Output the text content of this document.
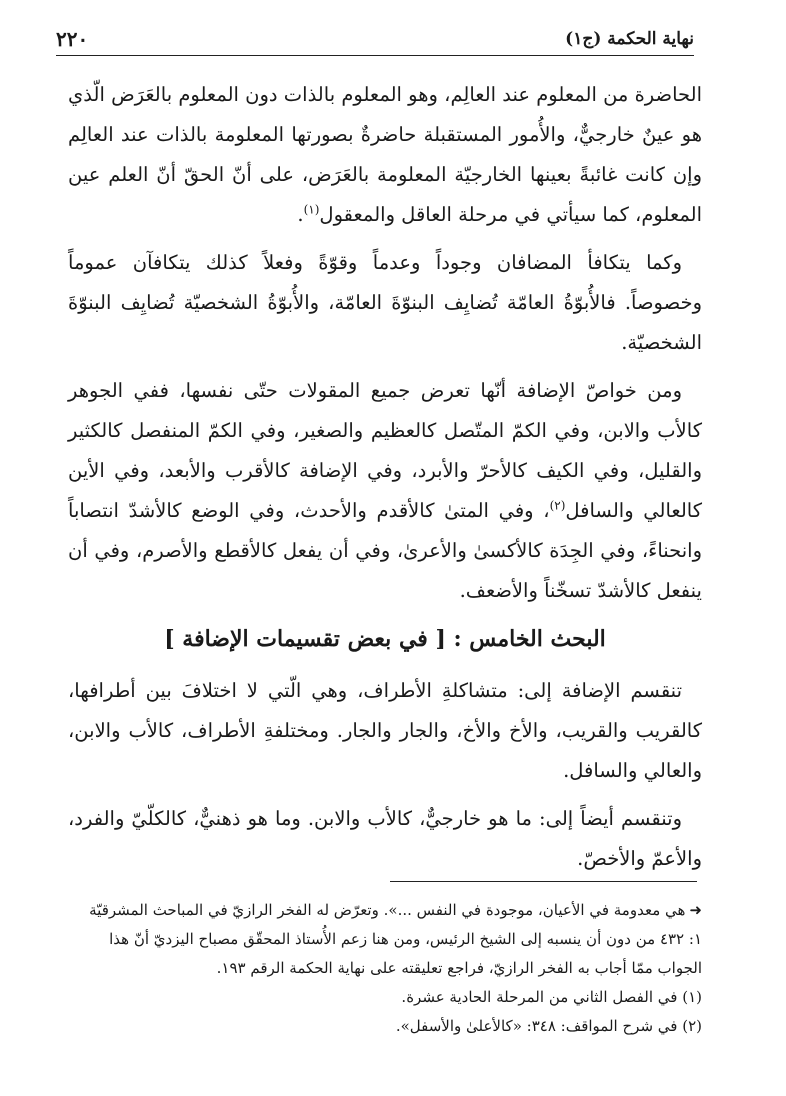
٢٢٠	نهاية الحكمة (ج١)

الحاضرة من المعلوم عند العالِم، وهو المعلوم بالذات دون المعلوم بالعَرَض الّذي هو عينٌ خارجيٌّ، والأُمور المستقبلة حاضرةٌ بصورتها المعلومة بالذات عند العالِم وإن كانت غائبةً بعينها الخارجيّة المعلومة بالعَرَض، على أنّ الحقّ أنّ العلم عين المعلوم، كما سيأتي في مرحلة العاقل والمعقول$^{(١)}$.

وكما يتكافأ المضافان وجوداً وعدماً وقوّةً وفعلاً كذلك يتكافآن عموماً وخصوصاً. فالأُبوّةُ العامّة تُضايِف البنوّةَ العامّة، والأُبوّةُ الشخصيّة تُضايِف البنوّةَ الشخصيّة.

ومن خواصّ الإضافة أنّها تعرض جميع المقولات حتّى نفسها، ففي الجوهر كالأب والابن، وفي الكمّ المتّصل كالعظيم والصغير، وفي الكمّ المنفصل كالكثير والقليل، وفي الكيف كالأحرّ والأبرد، وفي الإضافة كالأقرب والأبعد، وفي الأين كالعالي والسافل$^{(٢)}$، وفي المتىٰ كالأقدم والأحدث، وفي الوضع كالأشدّ انتصاباً وانحناءً، وفي الجِدَة كالأكسىٰ والأعرىٰ، وفي أن يفعل كالأقطع والأصرم، وفي أن ينفعل كالأشدّ تسخّناً والأضعف.

البحث الخامس : [ في بعض تقسيمات الإضافة ]

تنقسم الإضافة إلى: متشاكلةِ الأطراف، وهي الّتي لا اختلافَ بين أطرافها، كالقريب والقريب، والأخ والأخ، والجار والجار. ومختلفةِ الأطراف، كالأب والابن، والعالي والسافل.

وتنقسم أيضاً إلى: ما هو خارجيٌّ، كالأب والابن. وما هو ذهنيٌّ، كالكلّيّ والفرد، والأعمّ والأخصّ.

➜هي معدومة في الأعيان، موجودة في النفس ...». وتعرّض له الفخر الرازيّ في المباحث المشرقيّة ١: ٤٣٢ من دون أن ينسبه إلى الشيخ الرئيس، ومن هنا زعم الأُستاذ المحقّق مصباح اليزديّ أنّ هذا الجواب ممّا أجاب به الفخر الرازيّ، فراجع تعليقته على نهاية الحكمة الرقم ١٩٣.

(١) في الفصل الثاني من المرحلة الحادية عشرة.

(٢) في شرح المواقف: ٣٤٨: «كالأعلىٰ والأسفل».
